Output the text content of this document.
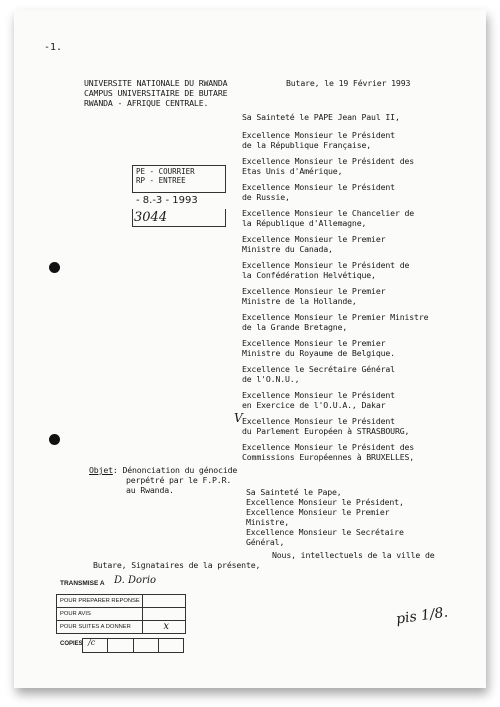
-1.
UNIVERSITE NATIONALE DU RWANDA
CAMPUS UNIVERSITAIRE DE BUTARE
RWANDA - AFRIQUE CENTRALE.
Butare, le 19 Février 1993
PE - COURRIER
RP - ENTREE
- 8.-3 - 1993
3044
Sa Sainteté le PAPE Jean Paul II,
Excellence Monsieur le Président
de la République Française,
Excellence Monsieur le Président des
Etas Unis d'Amérique,
Excellence Monsieur le Président
de Russie,
Excellence Monsieur le Chancelier de
la République d'Allemagne,
Excellence Monsieur le Premier
Ministre du Canada,
Excellence Monsieur le Président de
la Confédération Helvétique,
Excellence Monsieur le Premier
Ministre de la Hollande,
Excellence Monsieur le Premier Ministre
de la Grande Bretagne,
Excellence Monsieur le Premier
Ministre du Royaume de Belgique.
Excellence le Secrétaire Général
de l'O.N.U.,
Excellence Monsieur le Président
en Exercice de l'O.U.A., Dakar
Excellence Monsieur le Président
du Parlement Européen à STRASBOURG,
Excellence Monsieur le Président des
Commissions Européennes à BRUXELLES,
V
Objet: Dénonciation du génocide
perpétré par le F.P.R.
au Rwanda.	Sa Sainteté le Pape,
Excellence Monsieur le Président,
Excellence Monsieur le Premier
Ministre,
Excellence Monsieur le Secrétaire
Général,
Nous, intellectuels de la ville de
Butare, Signataires de la présente,
TRANSMISE A D. Dorio
POUR PREPARER REPONSE
POUR AVIS
POUR SUITES A DONNER	x
COPIES /c
pis 1/8.
